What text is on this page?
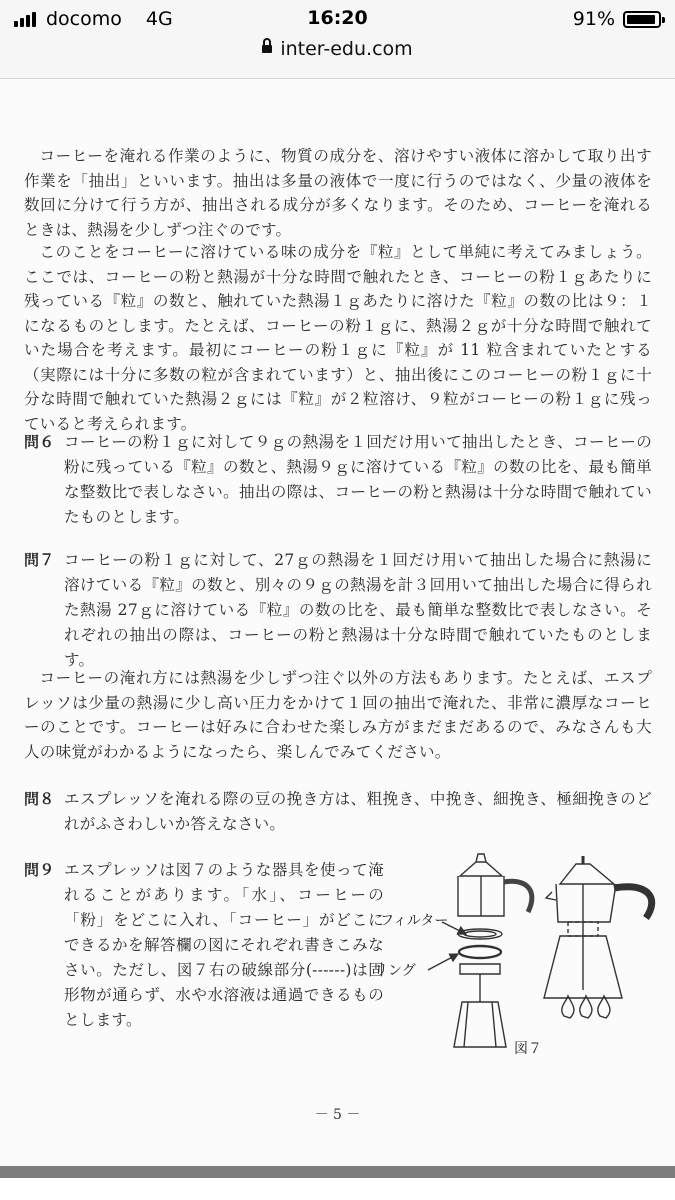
docomo 4G	16:20	91%
inter-edu.com
コーヒーを淹れる作業のように、物質の成分を、溶けやすい液体に溶かして取り出す作業を「抽出」といいます。抽出は多量の液体で一度に行うのではなく、少量の液体を数回に分けて行う方が、抽出される成分が多くなります。そのため、コーヒーを淹れるときは、熱湯を少しずつ注ぐのです。
このことをコーヒーに溶けている味の成分を『粒』として単純に考えてみましょう。ここでは、コーヒーの粉と熱湯が十分な時間で触れたとき、コーヒーの粉１ｇあたりに残っている『粒』の数と、触れていた熱湯１ｇあたりに溶けた『粒』の数の比は９：１になるものとします。たとえば、コーヒーの粉１ｇに、熱湯２ｇが十分な時間で触れていた場合を考えます。最初にコーヒーの粉１ｇに『粒』が 11 粒含まれていたとする（実際には十分に多数の粒が含まれています）と、抽出後にこのコーヒーの粉１ｇに十分な時間で触れていた熱湯２ｇには『粒』が２粒溶け、９粒がコーヒーの粉１ｇに残っていると考えられます。
問６ コーヒーの粉１ｇに対して９ｇの熱湯を１回だけ用いて抽出したとき、コーヒーの粉に残っている『粒』の数と、熱湯９ｇに溶けている『粒』の数の比を、最も簡単な整数比で表しなさい。抽出の際は、コーヒーの粉と熱湯は十分な時間で触れていたものとします。
問７ コーヒーの粉１ｇに対して、27ｇの熱湯を１回だけ用いて抽出した場合に熱湯に溶けている『粒』の数と、別々の９ｇの熱湯を計３回用いて抽出した場合に得られた熱湯 27ｇに溶けている『粒』の数の比を、最も簡単な整数比で表しなさい。それぞれの抽出の際は、コーヒーの粉と熱湯は十分な時間で触れていたものとします。
コーヒーの淹れ方には熱湯を少しずつ注ぐ以外の方法もあります。たとえば、エスプレッソは少量の熱湯に少し高い圧力をかけて１回の抽出で淹れた、非常に濃厚なコーヒーのことです。コーヒーは好みに合わせた楽しみ方がまだまだあるので、みなさんも大人の味覚がわかるようになったら、楽しんでみてください。
問８ エスプレッソを淹れる際の豆の挽き方は、粗挽き、中挽き、細挽き、極細挽きのどれがふさわしいか答えなさい。
問９ エスプレッソは図７のような器具を使って淹れることがあります。「水」、コーヒーの「粉」をどこに入れ、「コーヒー」がどこにできるかを解答欄の図にそれぞれ書きこみなさい。ただし、図７右の破線部分(------)は固形物が通らず、水や水溶液は通過できるものとします。
フィルター
リング
図７
－ 5 －
